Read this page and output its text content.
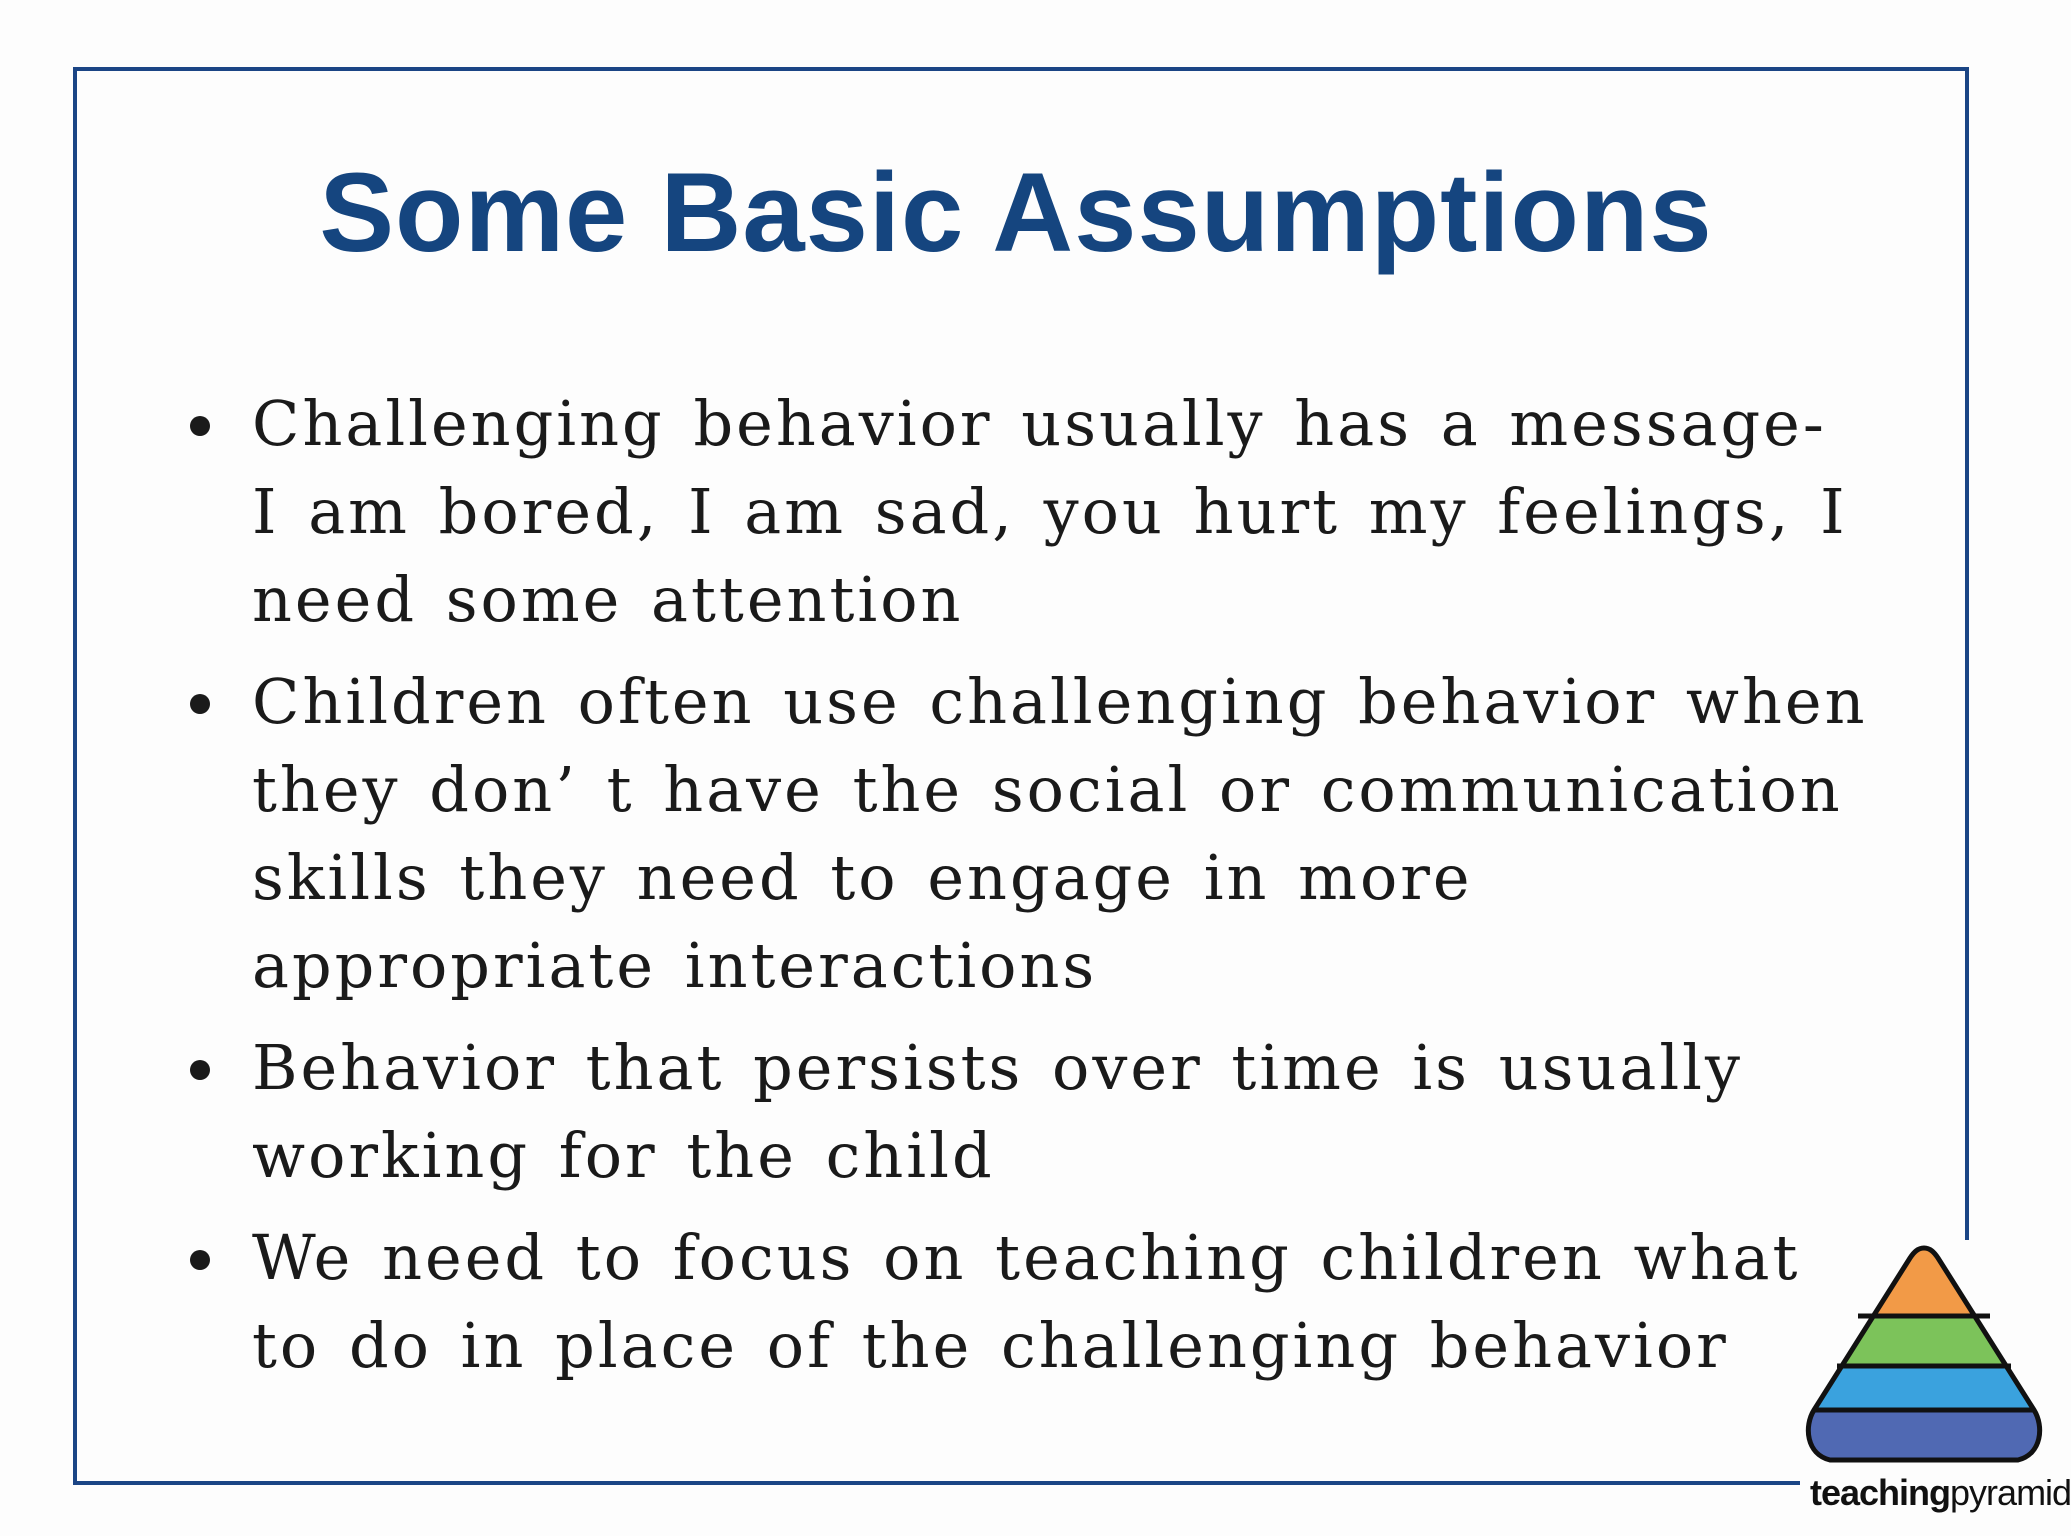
Some Basic Assumptions
Challenging behavior usually has a message- I am bored, I am sad, you hurt my feelings, I need some attention
Children often use challenging behavior when they don’ t have the social or communication skills they need to engage in more appropriate interactions
Behavior that persists over time is usually working for the child
We need to focus on teaching children what to do in place of the challenging behavior
teachingpyramid
